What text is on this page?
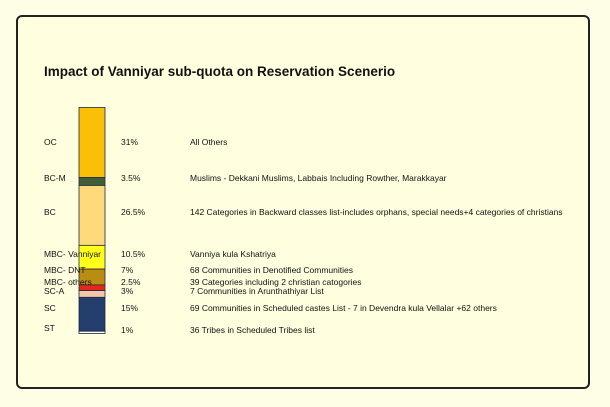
Impact of Vanniyar sub-quota on Reservation Scenerio
OC	31%	All Others
BC-M	3.5%	Muslims - Dekkani Muslims, Labbais Including Rowther, Marakkayar
BC	26.5%	142 Categories in Backward classes list-includes orphans, special needs+4 categories of christians
MBC- Vanniyar 10.5%	Vanniya kula Kshatriya
MBC- DNT	7%	68 Communities in Denotified Communities
MBC- others	2.5%	39 Categories including 2 christian catogories
SC-A	3%	7 Communities in Arunthathiyar List
SC	15%	69 Communities in Scheduled castes List - 7 in Devendra kula Vellalar +62 others
ST	1%	36 Tribes in Scheduled Tribes list
